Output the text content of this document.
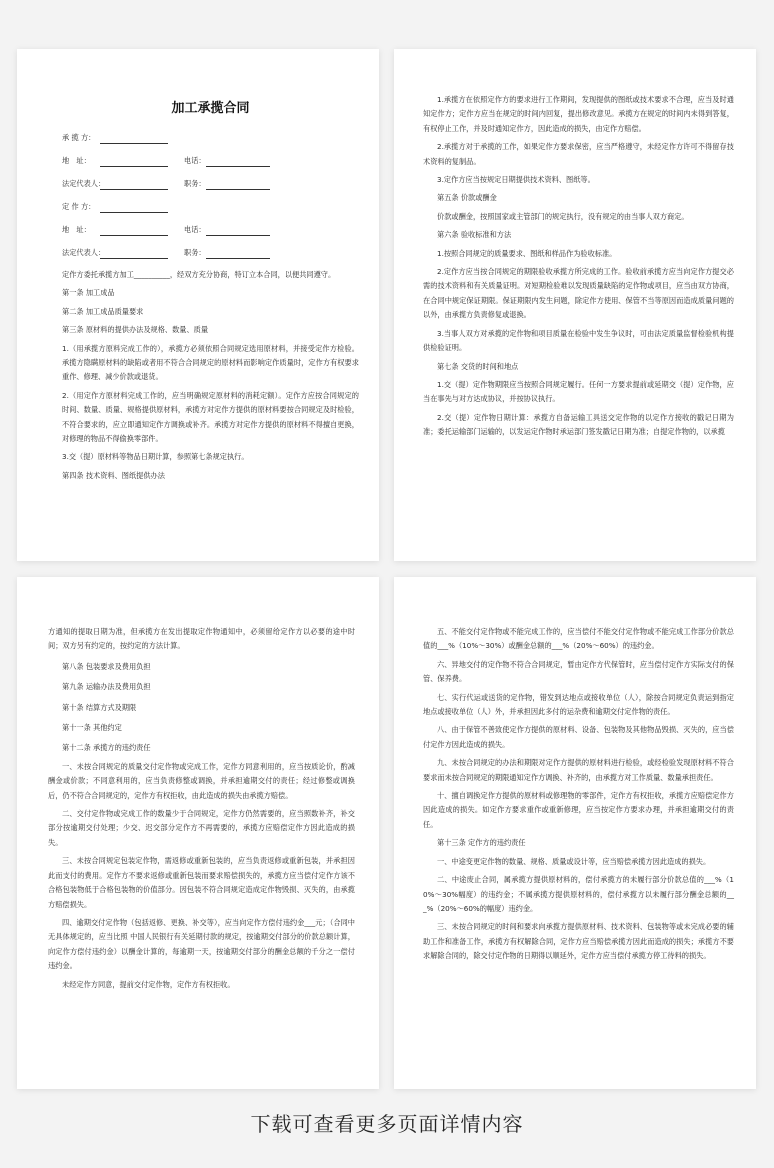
加工承揽合同
承 揽 方：
地　址：	电话：
法定代表人：	职务：
定 作 方：
地　址：	电话：
法定代表人：	职务：

定作方委托承揽方加工__________，经双方充分协商，特订立本合同，以便共同遵守。

第一条 加工成品

第二条 加工成品质量要求

第三条 原材料的提供办法及规格、数量、质量

1.（用承揽方原料完成工作的），承揽方必须依照合同规定选用原材料，并接受定作方检验。承揽方隐瞒原材料的缺陷或者用不符合合同规定的原材料而影响定作质量时，定作方有权要求重作、修理、减少价款或退货。

2.（用定作方原材料完成工作的，应当明确规定原材料的消耗定额）。定作方应按合同规定的时间、数量、质量、规格提供原材料，承揽方对定作方提供的原材料要按合同规定及时检验，不符合要求的，应立即通知定作方调换或补齐。承揽方对定作方提供的原材料不得擅自更换，对修理的物品不得偷换零部件。

3.交（提）原材料等物品日期计算，参照第七条规定执行。

第四条 技术资料、图纸提供办法

1.承揽方在依照定作方的要求进行工作期间，发现提供的图纸或技术要求不合理，应当及时通知定作方；定作方应当在规定的时间内回复，提出修改意见。承揽方在规定的时间内未得到答复，有权停止工作，并及时通知定作方，因此造成的损失，由定作方赔偿。

2.承揽方对于承揽的工作，如果定作方要求保密，应当严格遵守，未经定作方许可不得留存技术资料的复制品。

3.定作方应当按规定日期提供技术资料、图纸等。

第五条 价款或酬金

价款或酬金，按照国家或主管部门的规定执行，没有规定的由当事人双方商定。

第六条 验收标准和方法

1.按照合同规定的质量要求、图纸和样品作为验收标准。

2.定作方应当按合同规定的期限验收承揽方所完成的工作。验收前承揽方应当向定作方提交必需的技术资料和有关质量证明。对短期检验难以发现质量缺陷的定作物或项目，应当由双方协商，在合同中规定保证期限。保证期限内发生问题，除定作方使用、保管不当等原因而造成质量问题的以外，由承揽方负责修复或退换。

3.当事人双方对承揽的定作物和项目质量在检验中发生争议时，可由法定质量监督检验机构提供检验证明。

第七条 交货的时间和地点

1.交（提）定作物期限应当按照合同规定履行。任何一方要求提前或延期交（提）定作物，应当在事先与对方达成协议，并按协议执行。

2.交（提）定作物日期计算：承揽方自备运输工具送交定作物的以定作方接收的戳记日期为准；委托运输部门运输的，以发运定作物时承运部门签发戳记日期为准；自提定作物的，以承揽

方通知的提取日期为准，但承揽方在发出提取定作物通知中，必须留给定作方以必要的途中时间；双方另有约定的，按约定的方法计算。

第八条 包装要求及费用负担

第九条 运输办法及费用负担

第十条 结算方式及期限

第十一条 其他约定

第十二条 承揽方的违约责任

一、未按合同规定的质量交付定作物或完成工作，定作方同意利用的，应当按质论价，酌减酬金或价款；不同意利用的，应当负责修整或调换，并承担逾期交付的责任；经过修整或调换后，仍不符合合同规定的，定作方有权拒收，由此造成的损失由承揽方赔偿。

二、交付定作物或完成工作的数量少于合同规定，定作方仍然需要的，应当照数补齐，补交部分按逾期交付处理；少交、迟交部分定作方不再需要的，承揽方应赔偿定作方因此造成的损失。

三、未按合同规定包装定作物，需返修或重新包装的，应当负责返修或重新包装，并承担因此而支付的费用。定作方不要求返修或重新包装而要求赔偿损失的，承揽方应当偿付定作方该不合格包装物低于合格包装物的价值部分。因包装不符合同规定造成定作物毁损、灭失的，由承揽方赔偿损失。

四、逾期交付定作物（包括返修、更换、补交等），应当向定作方偿付违约金___元；（合同中无具体规定的，应当比照 中国人民银行有关延期付款的规定，按逾期交付部分的价款总额计算，向定作方偿付违约金）以酬金计算的，每逾期一天，按逾期交付部分的酬金总额的千分之一偿付违约金。

未经定作方同意，提前交付定作物，定作方有权拒收。

五、不能交付定作物或不能完成工作的，应当偿付不能交付定作物或不能完成工作部分价款总值的___%（10%～30%）或酬金总额的___%（20%～60%）的违约金。

六、异地交付的定作物不符合合同规定，暂由定作方代保管时，应当偿付定作方实际支付的保管、保养费。

七、实行代运或送货的定作物，错发到达地点或接收单位（人），除按合同规定负责运到指定地点或接收单位（人）外，并承担因此多付的运杂费和逾期交付定作物的责任。

八、由于保管不善致使定作方提供的原材料、设备、包装物及其他物品毁损、灭失的，应当偿付定作方因此造成的损失。

九、未按合同规定的办法和期限对定作方提供的原材料进行检验，或经检验发现原材料不符合要求而未按合同规定的期限通知定作方调换、补齐的，由承揽方对工作质量、数量承担责任。

十、擅自调换定作方提供的原材料或修理物的零部件，定作方有权拒收，承揽方应赔偿定作方因此造成的损失。如定作方要求重作或重新修理，应当按定作方要求办理，并承担逾期交付的责任。

第十三条 定作方的违约责任

一、中途变更定作物的数量、规格、质量或设计等，应当赔偿承揽方因此造成的损失。

二、中途废止合同，属承揽方提供原材料的，偿付承揽方的未履行部分价款总值的___%（10%～30%幅度）的违约金；不属承揽方提供原材料的，偿付承揽方以未履行部分酬金总额的___%（20%～60%的幅度）违约金。

三、未按合同规定的时间和要求向承揽方提供原材料、技术资料、包装物等或未完成必要的辅助工作和准备工作，承揽方有权解除合同，定作方应当赔偿承揽方因此而造成的损失；承揽方不要求解除合同的，除交付定作物的日期得以顺延外，定作方应当偿付承揽方停工待料的损失。

下载可查看更多页面详情内容
